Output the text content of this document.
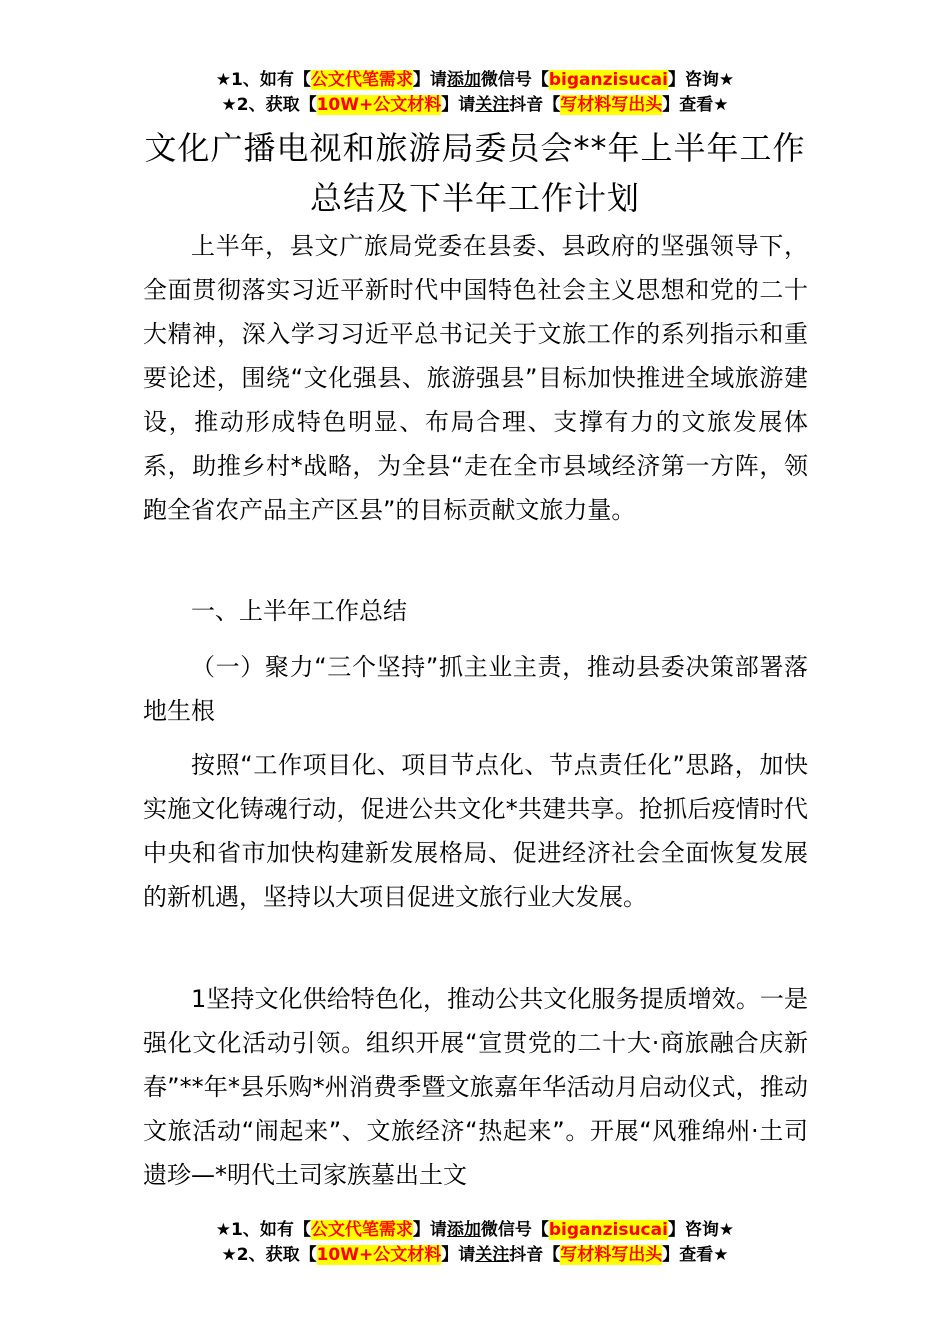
★1、如有【公文代笔需求】请添加微信号【biganzisucai】咨询★
★2、获取【10W+公文材料】请关注抖音【写材料写出头】查看★
文化广播电视和旅游局委员会**年上半年工作总结及下半年工作计划

上半年，县文广旅局党委在县委、县政府的坚强领导下，全面贯彻落实习近平新时代中国特色社会主义思想和党的二十大精神，深入学习习近平总书记关于文旅工作的系列指示和重要论述，围绕“文化强县、旅游强县”目标加快推进全域旅游建设，推动形成特色明显、布局合理、支撑有力的文旅发展体系，助推乡村*战略，为全县“走在全市县域经济第一方阵，领跑全省农产品主产区县”的目标贡献文旅力量。

一、上半年工作总结

（一）聚力“三个坚持”抓主业主责，推动县委决策部署落地生根

按照“工作项目化、项目节点化、节点责任化”思路，加快实施文化铸魂行动，促进公共文化*共建共享。抢抓后疫情时代中央和省市加快构建新发展格局、促进经济社会全面恢复发展的新机遇，坚持以大项目促进文旅行业大发展。

1坚持文化供给特色化，推动公共文化服务提质增效。一是强化文化活动引领。组织开展“宣贯党的二十大·商旅融合庆新春”**年*县乐购*州消费季暨文旅嘉年华活动月启动仪式，推动文旅活动“闹起来”、文旅经济“热起来”。开展“风雅绵州·土司遗珍—*明代土司家族墓出土文

★1、如有【公文代笔需求】请添加微信号【biganzisucai】咨询★
★2、获取【10W+公文材料】请关注抖音【写材料写出头】查看★
